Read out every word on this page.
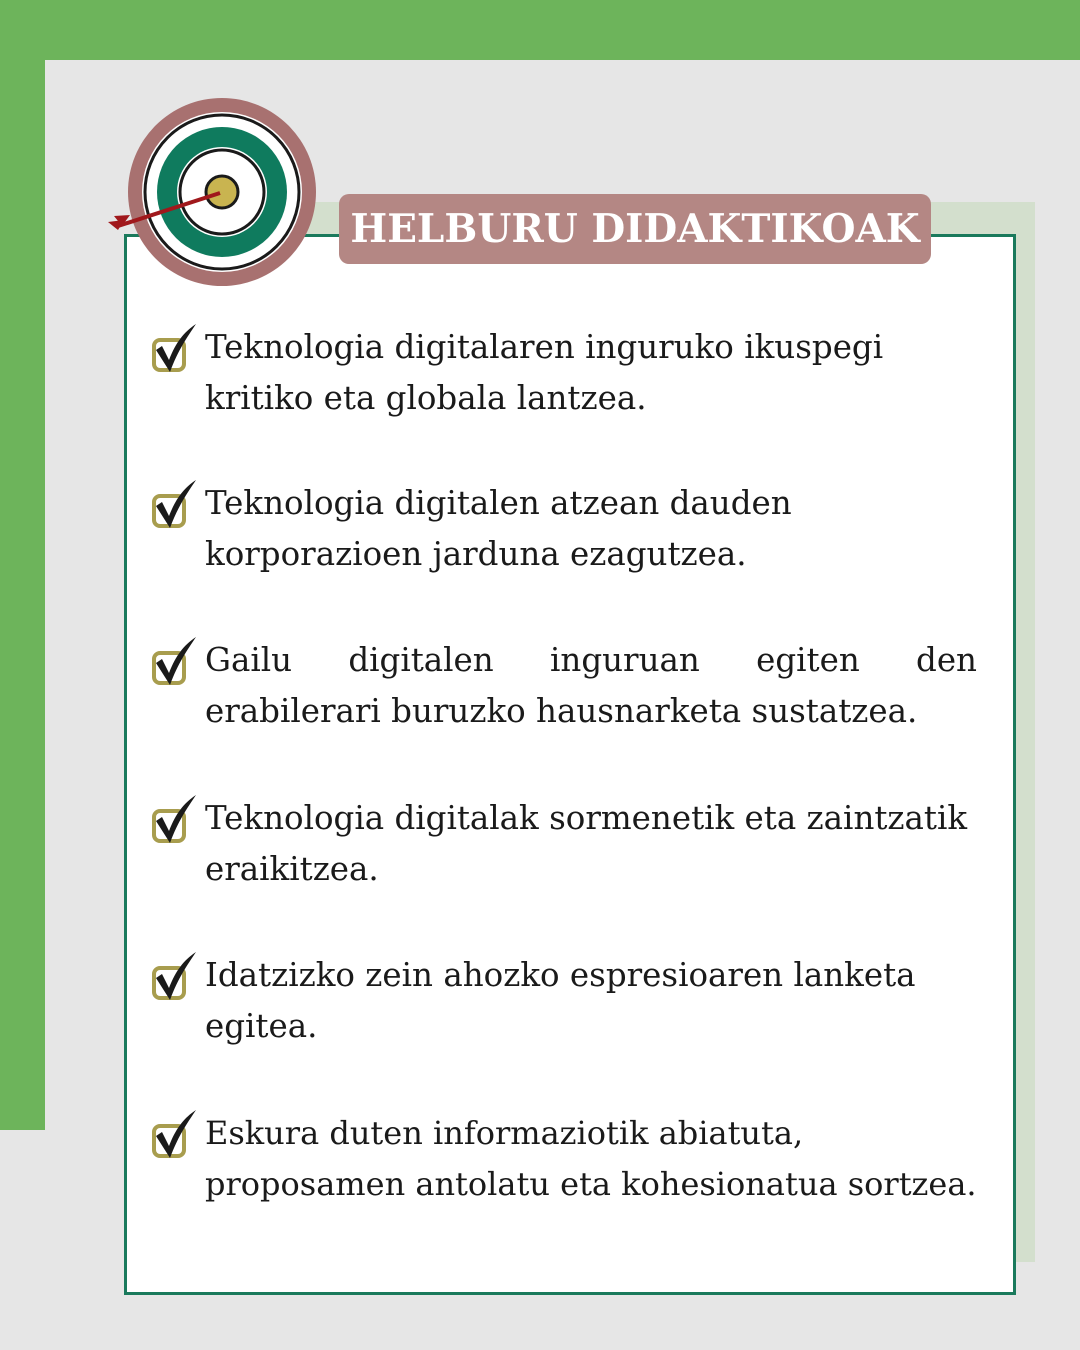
HELBURU DIDAKTIKOAK
Teknologia digitalaren inguruko ikuspegi
kritiko eta globala lantzea.
Teknologia digitalen atzean dauden
korporazioen jarduna ezagutzea.
Gailu digitalen inguruan egiten den erabilerari buruzko hausnarketa sustatzea.
Teknologia digitalak sormenetik eta zaintzatik
eraikitzea.
Idatzizko zein ahozko espresioaren lanketa
egitea.
Eskura duten informaziotik abiatuta,
proposamen antolatu eta kohesionatua sortzea.
